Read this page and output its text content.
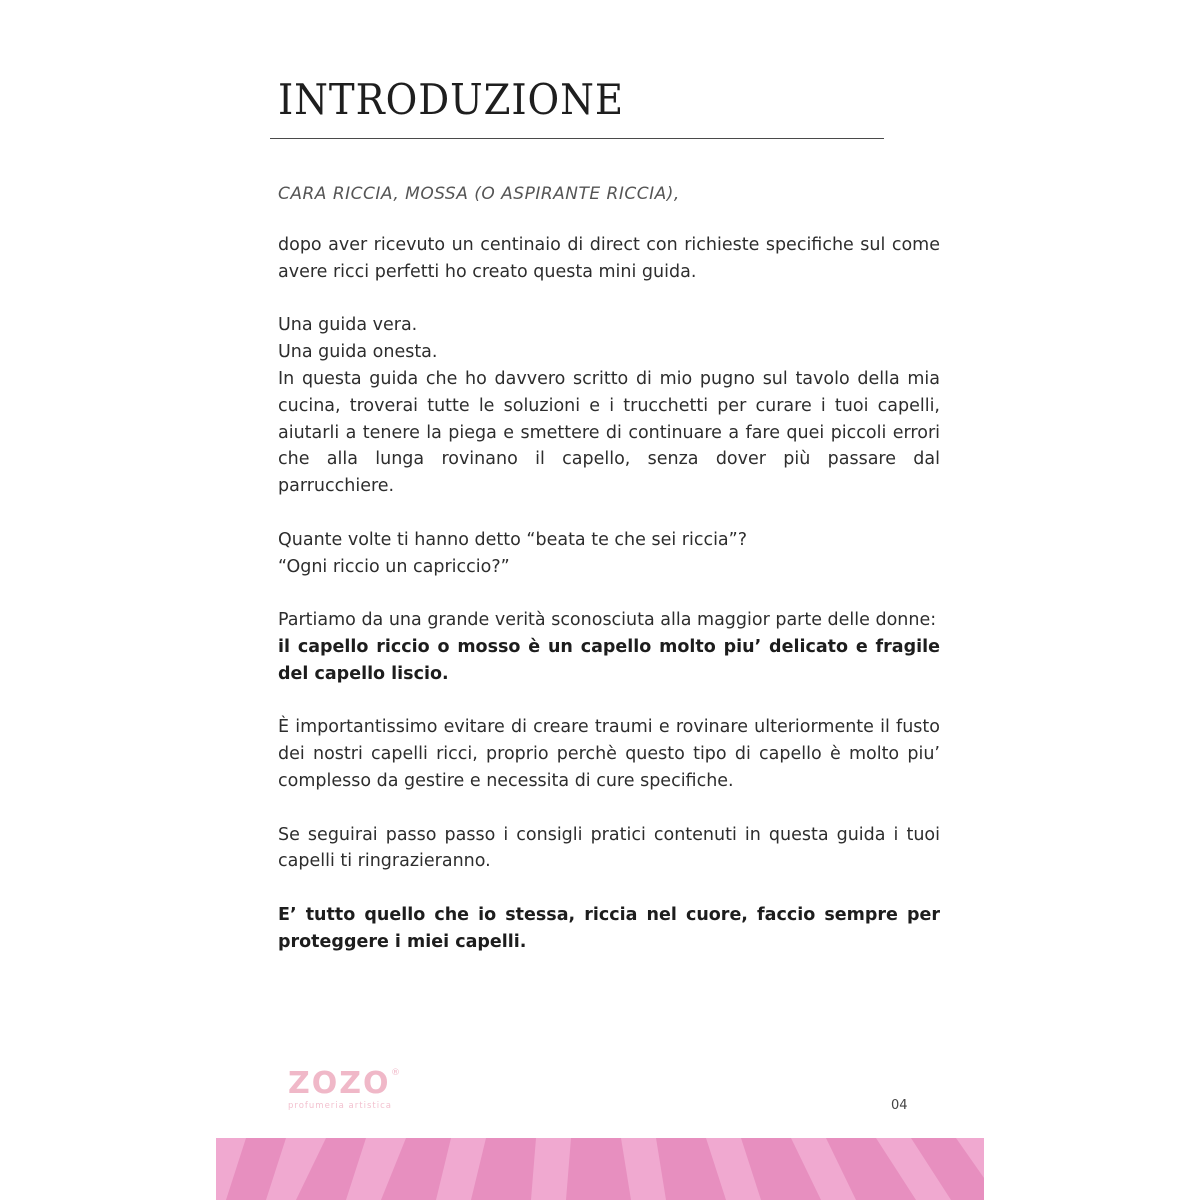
INTRODUZIONE
CARA RICCIA, MOSSA (O ASPIRANTE RICCIA),

dopo aver ricevuto un centinaio di direct con richieste specifiche sul come avere ricci perfetti ho creato questa mini guida.

Una guida vera.

Una guida onesta.

In questa guida che ho davvero scritto di mio pugno sul tavolo della mia cucina, troverai tutte le soluzioni e i trucchetti per curare i tuoi capelli, aiutarli a tenere la piega e smettere di continuare a fare quei piccoli errori che alla lunga rovinano il capello, senza dover più passare dal parrucchiere.

Quante volte ti hanno detto “beata te che sei riccia”?

“Ogni riccio un capriccio?”

Partiamo da una grande verità sconosciuta alla maggior parte delle donne:

il capello riccio o mosso è un capello molto piu’ delicato e fragile del capello liscio.

È importantissimo evitare di creare traumi e rovinare ulteriormente il fusto dei nostri capelli ricci, proprio perchè questo tipo di capello è molto piu’ complesso da gestire e necessita di cure specifiche.

Se seguirai passo passo i consigli pratici contenuti in questa guida i tuoi capelli ti ringrazieranno.

E’ tutto quello che io stessa, riccia nel cuore, faccio sempre per proteggere i miei capelli.

ZOZO ®
profumeria artistica	04
